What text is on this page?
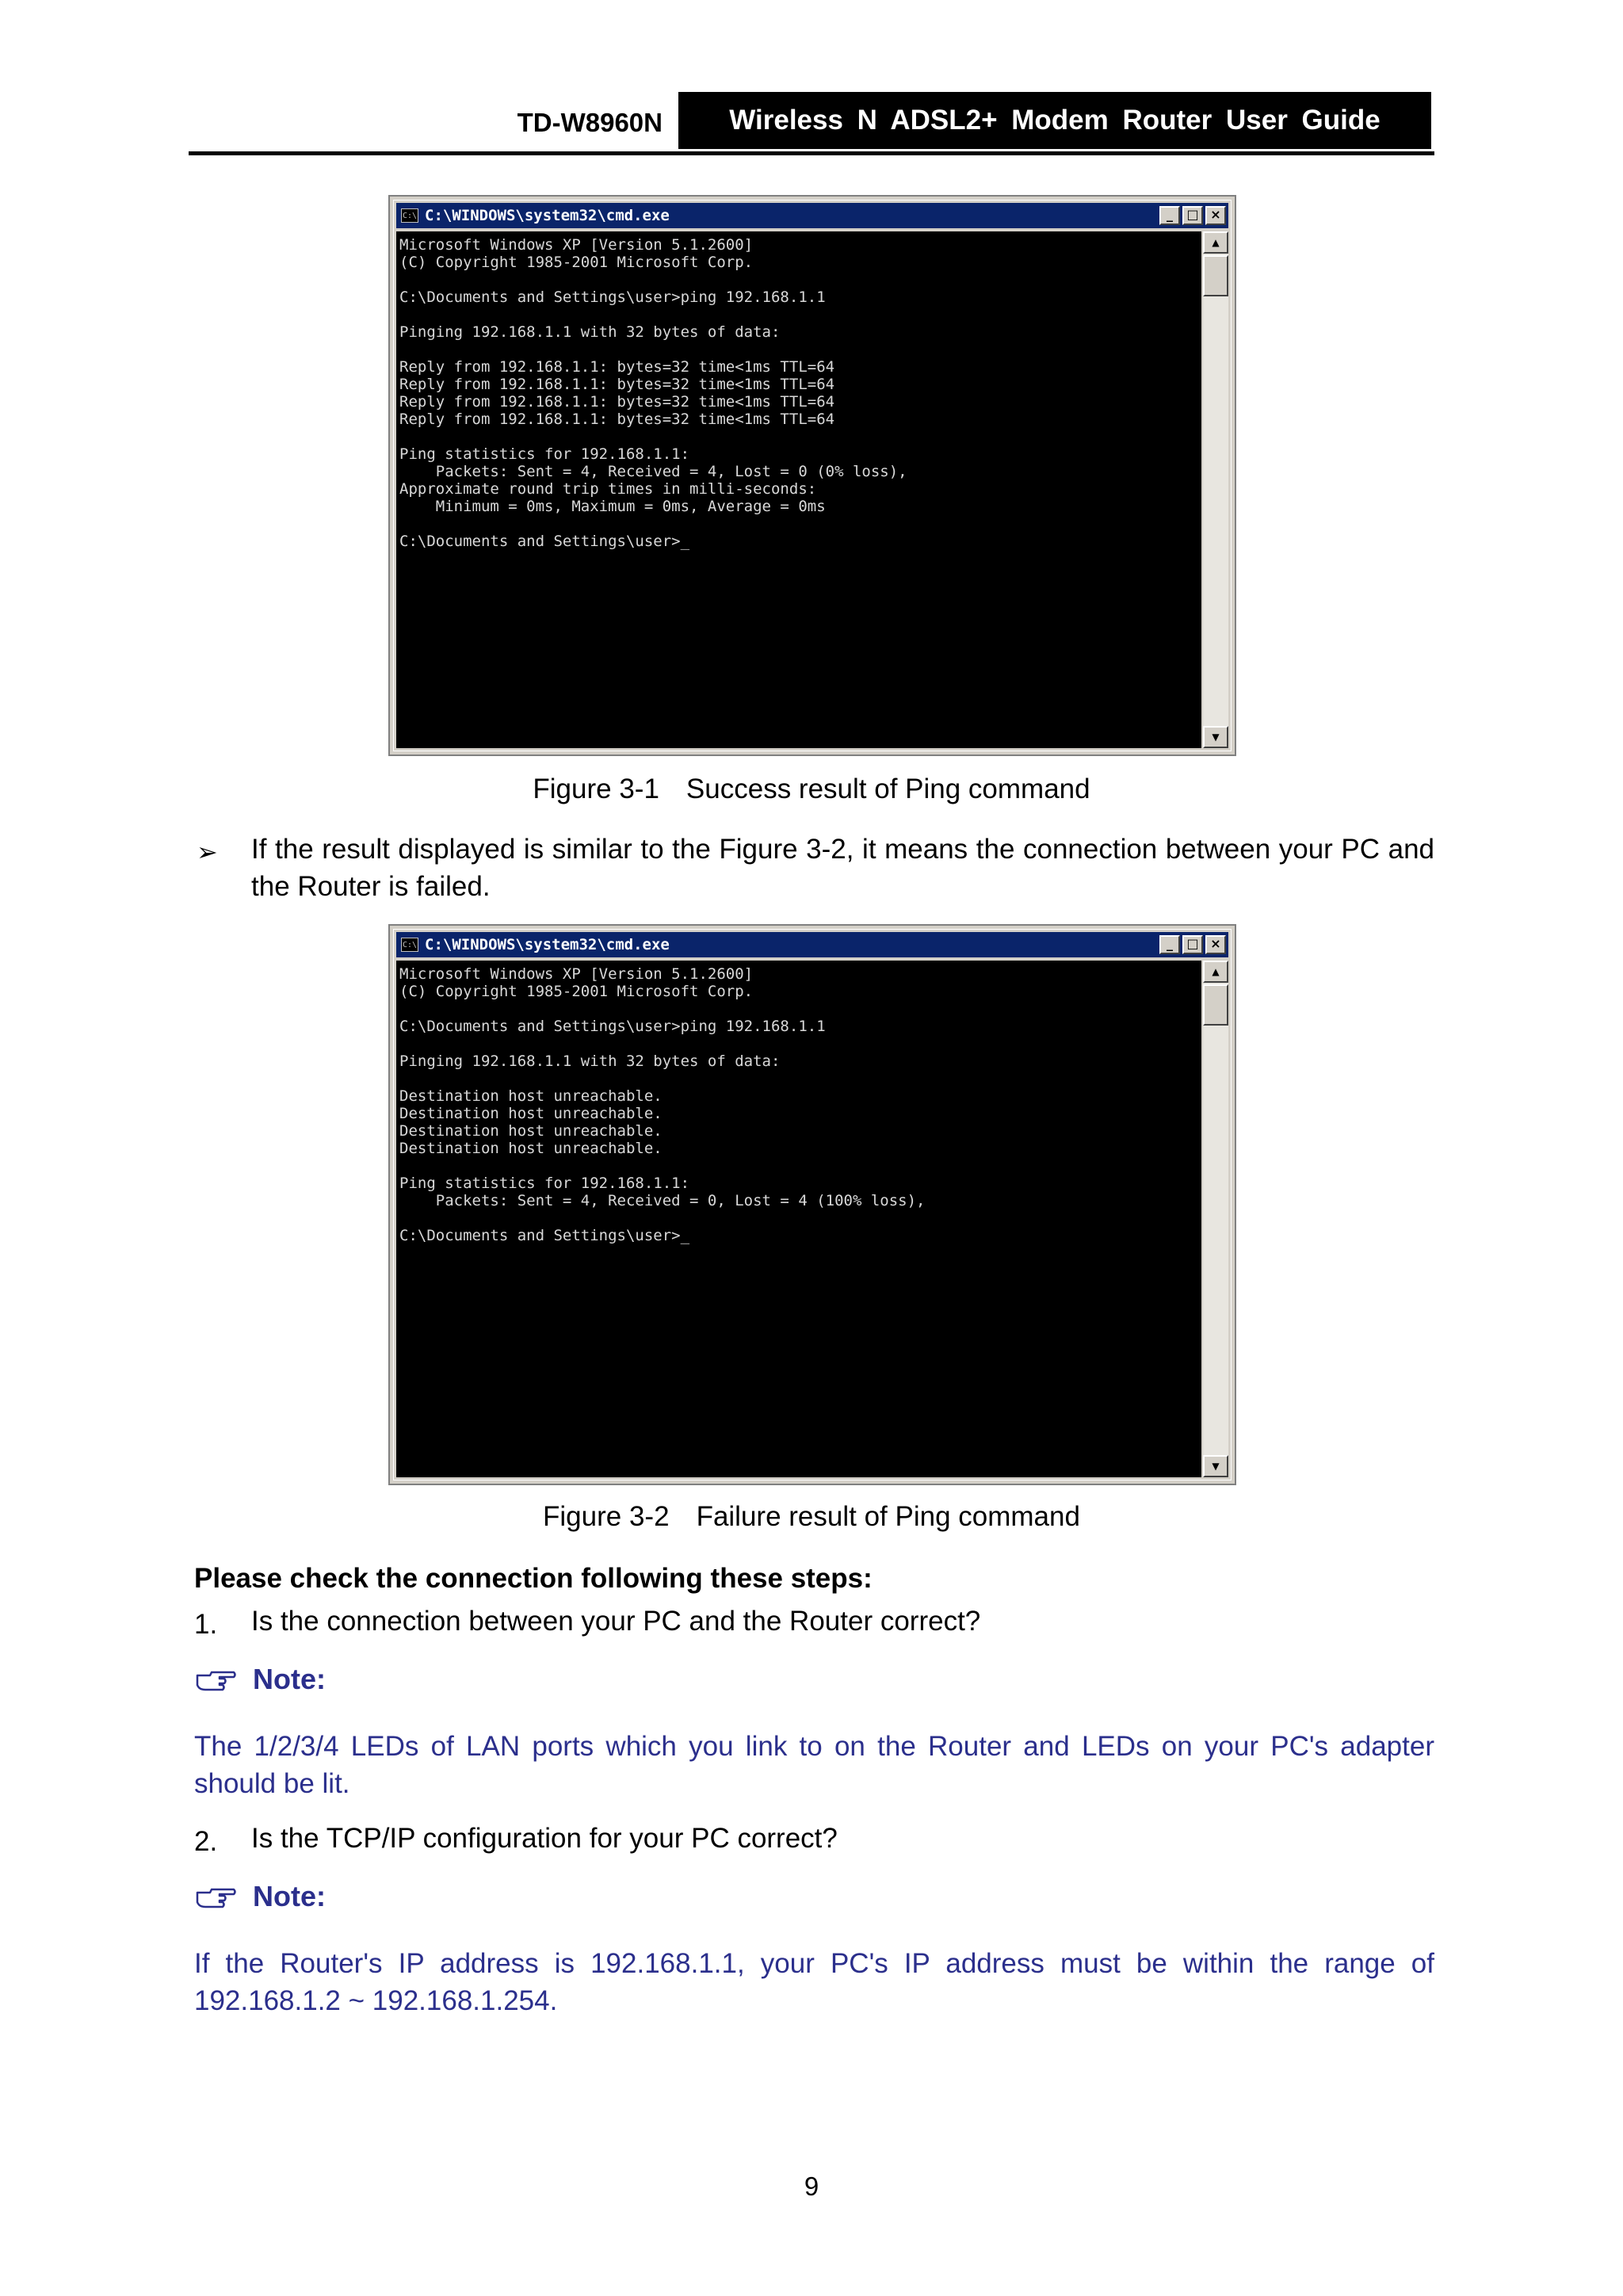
TD-W8960N	Wireless N ADSL2+ Modem Router User Guide
C:\ C:\WINDOWS\system32\cmd.exe	_	□ ×
Microsoft Windows XP [Version 5.1.2600]
(C) Copyright 1985-2001 Microsoft Corp.

C:\Documents and Settings\user>ping 192.168.1.1

Pinging 192.168.1.1 with 32 bytes of data:

Reply from 192.168.1.1: bytes=32 time<1ms TTL=64
Reply from 192.168.1.1: bytes=32 time<1ms TTL=64
Reply from 192.168.1.1: bytes=32 time<1ms TTL=64
Reply from 192.168.1.1: bytes=32 time<1ms TTL=64

Ping statistics for 192.168.1.1:
Packets: Sent = 4, Received = 4, Lost = 0 (0% loss),
Approximate round trip times in milli-seconds:
Minimum = 0ms, Maximum = 0ms, Average = 0ms

C:\Documents and Settings\user>_
▲
▼
Figure 3-1 Success result of Ping command
➢ If the result displayed is similar to the Figure 3-2, it means the connection between your PC and the Router is failed.
C:\ C:\WINDOWS\system32\cmd.exe	_	□ ×
Microsoft Windows XP [Version 5.1.2600]
(C) Copyright 1985-2001 Microsoft Corp.

C:\Documents and Settings\user>ping 192.168.1.1

Pinging 192.168.1.1 with 32 bytes of data:

Destination host unreachable.
Destination host unreachable.
Destination host unreachable.
Destination host unreachable.

Ping statistics for 192.168.1.1:
Packets: Sent = 4, Received = 0, Lost = 4 (100% loss),

C:\Documents and Settings\user>_
▲
▼
Figure 3-2 Failure result of Ping command
Please check the connection following these steps:
1. Is the connection between your PC and the Router correct?
Note:
The 1/2/3/4 LEDs of LAN ports which you link to on the Router and LEDs on your PC's adapter should be lit.
2. Is the TCP/IP configuration for your PC correct?
Note:
If the Router's IP address is 192.168.1.1, your PC's IP address must be within the range of 192.168.1.2 ~ 192.168.1.254.
9
